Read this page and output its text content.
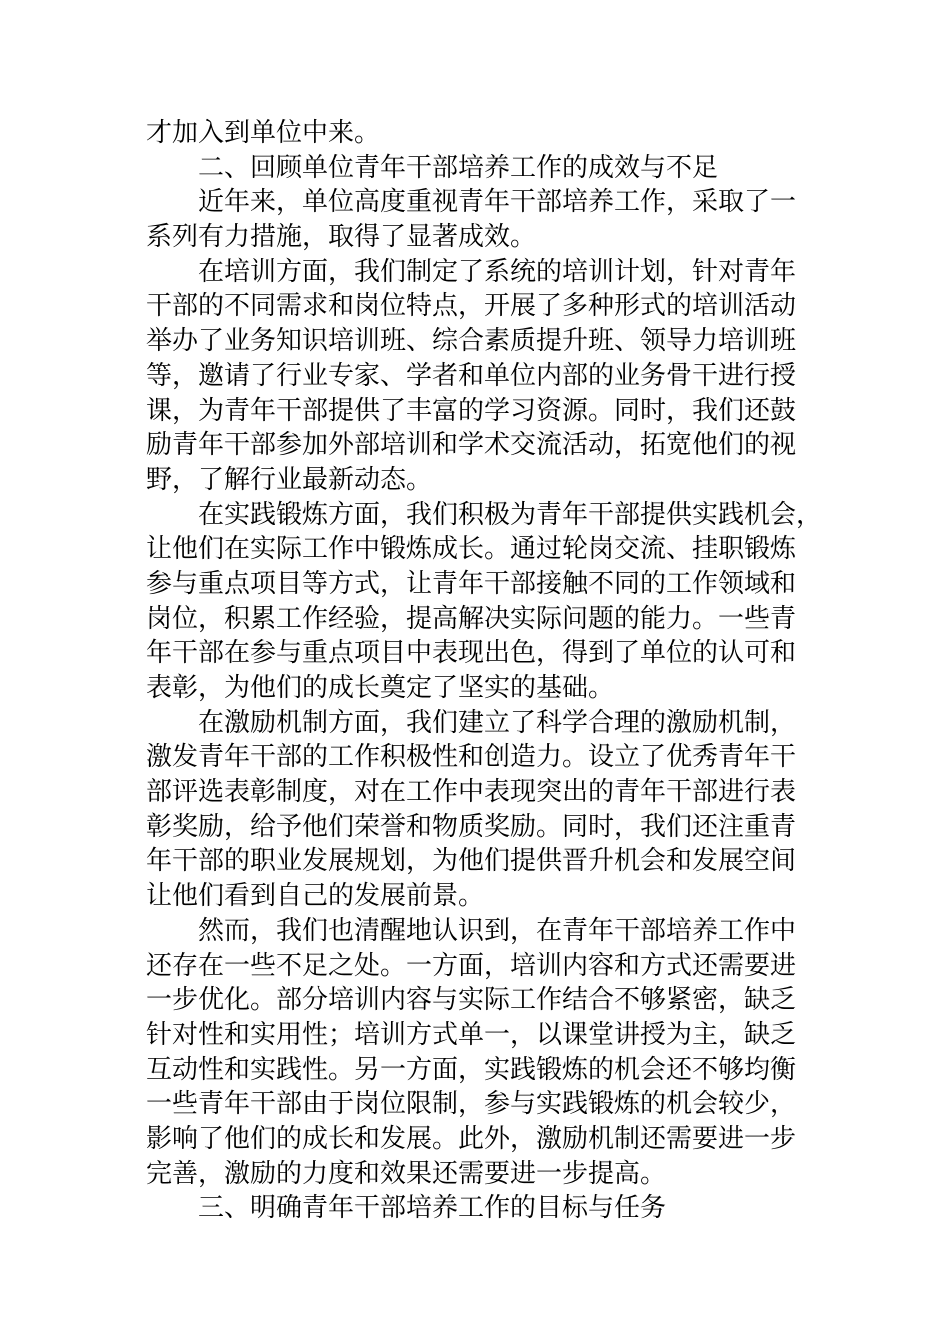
才加入到单位中来。
二、回顾单位青年干部培养工作的成效与不足
近年来，单位高度重视青年干部培养工作，采取了一
系列有力措施，取得了显著成效。
在培训方面，我们制定了系统的培训计划，针对青年
干部的不同需求和岗位特点，开展了多种形式的培训活动
举办了业务知识培训班、综合素质提升班、领导力培训班
等，邀请了行业专家、学者和单位内部的业务骨干进行授
课，为青年干部提供了丰富的学习资源。同时，我们还鼓
励青年干部参加外部培训和学术交流活动，拓宽他们的视
野，了解行业最新动态。
在实践锻炼方面，我们积极为青年干部提供实践机会，
让他们在实际工作中锻炼成长。通过轮岗交流、挂职锻炼
参与重点项目等方式，让青年干部接触不同的工作领域和
岗位，积累工作经验，提高解决实际问题的能力。一些青
年干部在参与重点项目中表现出色，得到了单位的认可和
表彰，为他们的成长奠定了坚实的基础。
在激励机制方面，我们建立了科学合理的激励机制，
激发青年干部的工作积极性和创造力。设立了优秀青年干
部评选表彰制度，对在工作中表现突出的青年干部进行表
彰奖励，给予他们荣誉和物质奖励。同时，我们还注重青
年干部的职业发展规划，为他们提供晋升机会和发展空间
让他们看到自己的发展前景。
然而，我们也清醒地认识到，在青年干部培养工作中
还存在一些不足之处。一方面，培训内容和方式还需要进
一步优化。部分培训内容与实际工作结合不够紧密，缺乏
针对性和实用性；培训方式单一，以课堂讲授为主，缺乏
互动性和实践性。另一方面，实践锻炼的机会还不够均衡
一些青年干部由于岗位限制，参与实践锻炼的机会较少，
影响了他们的成长和发展。此外，激励机制还需要进一步
完善，激励的力度和效果还需要进一步提高。
三、明确青年干部培养工作的目标与任务
